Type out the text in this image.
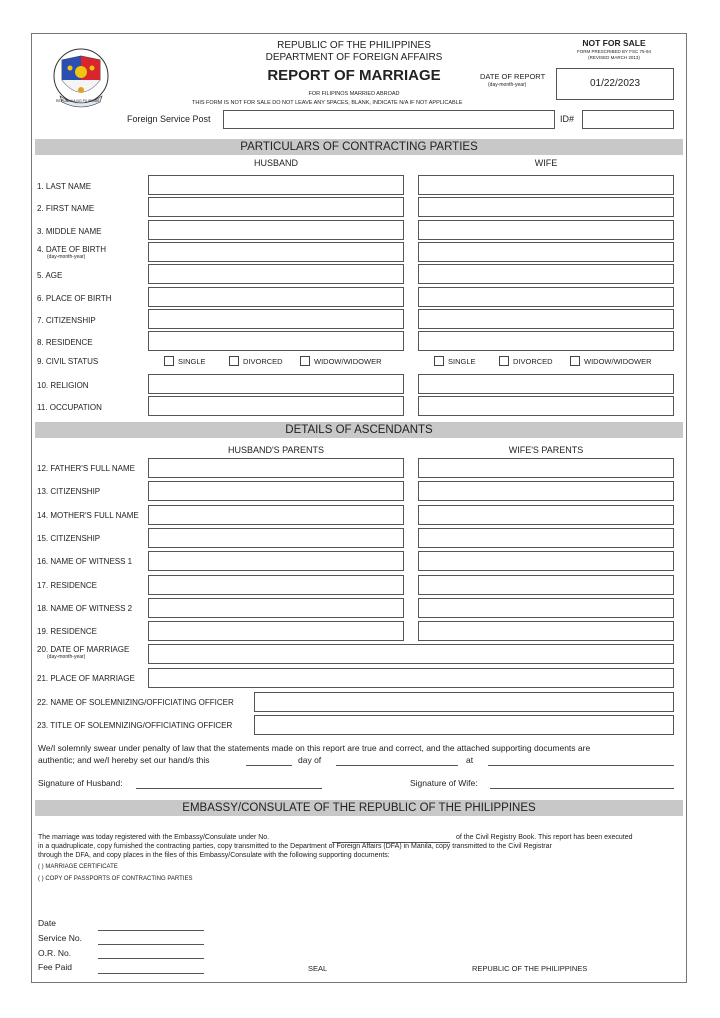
REPUBLIKA NG PILIPINAS
REPUBLIC OF THE PHILIPPINES
DEPARTMENT OF FOREIGN AFFAIRS
REPORT OF MARRIAGE
FOR FILIPINOS MARRIED ABROAD
THIS FORM IS NOT FOR SALE DO NOT LEAVE ANY SPACES, BLANK, INDICATE N/A IF NOT APPLICABLE
NOT FOR SALE
FORM PRESCRIBED BY FSC 75-94
(REVISED MARCH 2013)
DATE OF REPORT
(day-month-year)	01/22/2023
Foreign Service Post	ID#
PARTICULARS OF CONTRACTING PARTIES
HUSBAND	WIFE
1. LAST NAME
2. FIRST NAME
3. MIDDLE NAME
4. DATE OF BIRTH
(day-month-year)
5. AGE
6. PLACE OF BIRTH
7. CITIZENSHIP
8. RESIDENCE
9. CIVIL STATUS	SINGLE	DIVORCED	WIDOW/WIDOWER	SINGLE	DIVORCED	WIDOW/WIDOWER
10. RELIGION
11. OCCUPATION
DETAILS OF ASCENDANTS
HUSBAND'S PARENTS	WIFE'S PARENTS
12. FATHER'S FULL NAME
13. CITIZENSHIP
14. MOTHER'S FULL NAME
15. CITIZENSHIP
16. NAME OF WITNESS 1
17. RESIDENCE
18. NAME OF WITNESS 2
19. RESIDENCE
20. DATE OF MARRIAGE
(day-month-year)
21. PLACE OF MARRIAGE
22. NAME OF SOLEMNIZING/OFFICIATING OFFICER
23. TITLE OF SOLEMNIZING/OFFICIATING OFFICER
We/I solemnly swear under penalty of law that the statements made on this report are true and correct, and the attached supporting documents are
authentic; and we/I hereby set our hand/s this	day of	at
Signature of Husband:	Signature of Wife:
EMBASSY/CONSULATE OF THE REPUBLIC OF THE PHILIPPINES
The marriage was today registered with the Embassy/Consulate under No.	of the Civil Registry Book. This report has been executed
in a quadruplicate, copy furnished the contracting parties, copy transmitted to the Department of Foreign Affairs (DFA) in Manila, copy transmitted to the Civil Registrar
through the DFA, and copy places in the files of this Embassy/Consulate with the following supporting documents:
( ) MARRIAGE CERTIFICATE
( ) COPY OF PASSPORTS OF CONTRACTING PARTIES
Date
Service No.
O.R. No.
Fee Paid	SEAL	REPUBLIC OF THE PHILIPPINES
